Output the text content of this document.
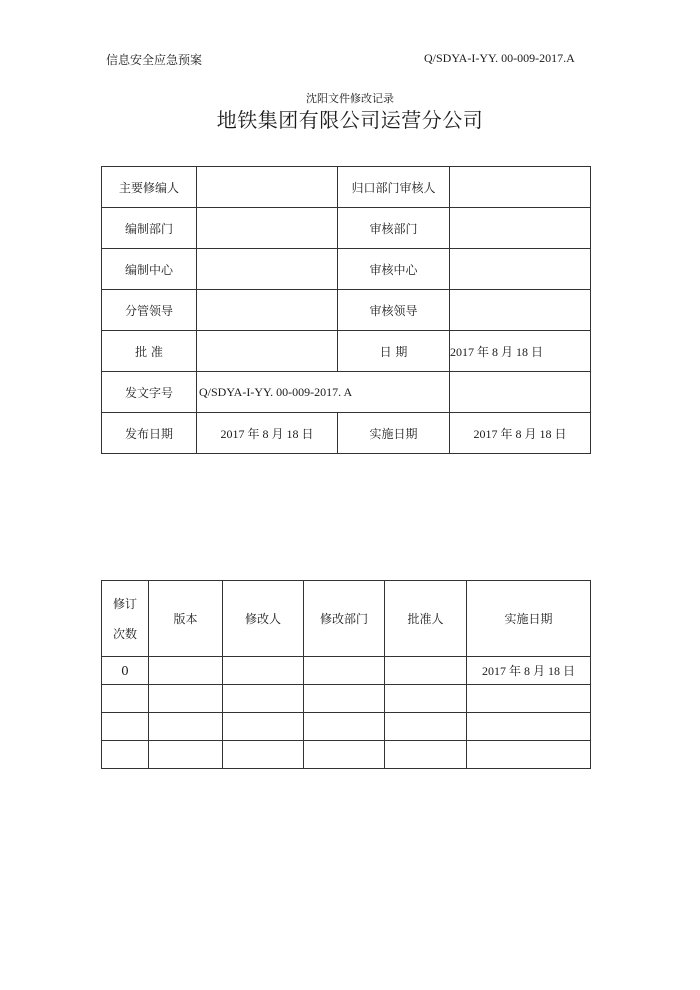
信息安全应急预案	Q/SDYA-I-YY. 00-009-2017.A
沈阳文件修改记录
地铁集团有限公司运营分公司
主要修编人		归口部门审核人	
编制部门		审核部门	
编制中心		审核中心	
分管领导		审核领导	
批 准		日 期	2017 年 8 月 18 日
发文字号	Q/SDYA-I-YY. 00-009-2017. A		
发布日期	2017 年 8 月 18 日	实施日期	2017 年 8 月 18 日
修订
次数	版本	修改人	修改部门	批准人	实施日期
0					2017 年 8 月 18 日
